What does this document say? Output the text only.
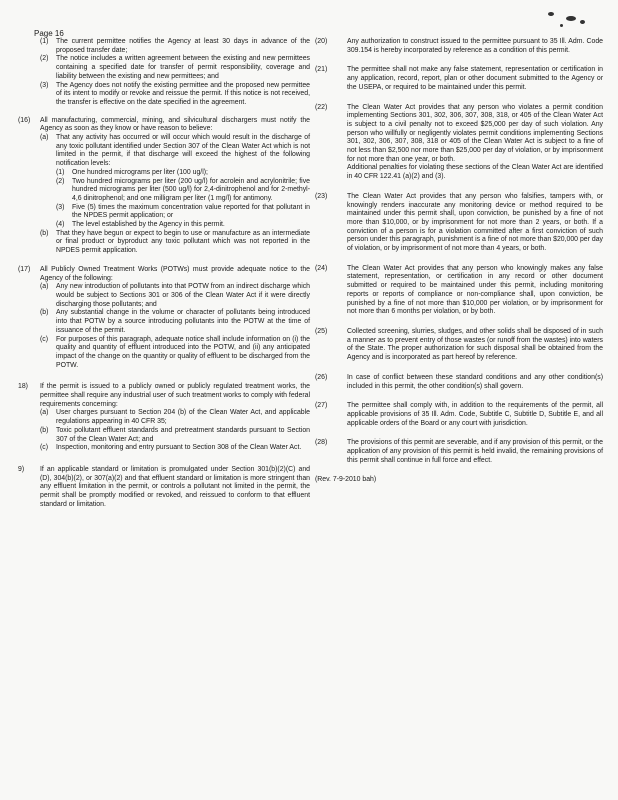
Page 16
(1)	The current permittee notifies the Agency at least 30 days in advance of the proposed transfer date;
(2)	The notice includes a written agreement between the existing and new permittees containing a specified date for transfer of permit responsibility, coverage and liability between the existing and new permittees; and
(3)	The Agency does not notify the existing permittee and the proposed new permittee of its intent to modify or revoke and reissue the permit. If this notice is not received, the transfer is effective on the date specified in the agreement.
(16)	All manufacturing, commercial, mining, and silvicultural dischargers must notify the Agency as soon as they know or have reason to believe:
(a)	That any activity has occurred or will occur which would result in the discharge of any toxic pollutant identified under Section 307 of the Clean Water Act which is not limited in the permit, if that discharge will exceed the highest of the following notification levels:
(1)	One hundred micrograms per liter (100 ug/l);
(2)	Two hundred micrograms per liter (200 ug/l) for acrolein and acrylonitrile; five hundred micrograms per liter (500 ug/l) for 2,4-dinitrophenol and for 2-methyl-4,6 dinitrophenol; and one milligram per liter (1 mg/l) for antimony.
(3)	Five (5) times the maximum concentration value reported for that pollutant in the NPDES permit application; or
(4)	The level established by the Agency in this permit.
(b)	That they have begun or expect to begin to use or manufacture as an intermediate or final product or byproduct any toxic pollutant which was not reported in the NPDES permit application.
(17)	All Publicly Owned Treatment Works (POTWs) must provide adequate notice to the Agency of the following:
(a)	Any new introduction of pollutants into that POTW from an indirect discharge which would be subject to Sections 301 or 306 of the Clean Water Act if it were directly discharging those pollutants; and
(b)	Any substantial change in the volume or character of pollutants being introduced into that POTW by a source introducing pollutants into the POTW at the time of issuance of the permit.
(c)	For purposes of this paragraph, adequate notice shall include information on (i) the quality and quantity of effluent introduced into the POTW, and (ii) any anticipated impact of the change on the quantity or quality of effluent to be discharged from the POTW.
18)	If the permit is issued to a publicly owned or publicly regulated treatment works, the permittee shall require any industrial user of such treatment works to comply with federal requirements concerning:
(a)	User charges pursuant to Section 204 (b) of the Clean Water Act, and applicable regulations appearing in 40 CFR 35;
(b)	Toxic pollutant effluent standards and pretreatment standards pursuant to Section 307 of the Clean Water Act; and
(c)	Inspection, monitoring and entry pursuant to Section 308 of the Clean Water Act.
9)	If an applicable standard or limitation is promulgated under Section 301(b)(2)(C) and (D), 304(b)(2), or 307(a)(2) and that effluent standard or limitation is more stringent than any effluent limitation in the permit, or controls a pollutant not limited in the permit, the permit shall be promptly modified or revoked, and reissued to conform to that effluent standard or limitation.
(20)	Any authorization to construct issued to the permittee pursuant to 35 Ill. Adm. Code 309.154 is hereby incorporated by reference as a condition of this permit.
(21)	The permittee shall not make any false statement, representation or certification in any application, record, report, plan or other document submitted to the Agency or the USEPA, or required to be maintained under this permit.
(22)	The Clean Water Act provides that any person who violates a permit condition implementing Sections 301, 302, 306, 307, 308, 318, or 405 of the Clean Water Act is subject to a civil penalty not to exceed $25,000 per day of such violation. Any person who willfully or negligently violates permit conditions implementing Sections 301, 302, 306, 307, 308, 318 or 405 of the Clean Water Act is subject to a fine of not less than $2,500 nor more than $25,000 per day of violation, or by imprisonment for not more than one year, or both.
Additional penalties for violating these sections of the Clean Water Act are identified in 40 CFR 122.41 (a)(2) and (3).
(23)	The Clean Water Act provides that any person who falsifies, tampers with, or knowingly renders inaccurate any monitoring device or method required to be maintained under this permit shall, upon conviction, be punished by a fine of not more than $10,000, or by imprisonment for not more than 2 years, or both. If a conviction of a person is for a violation committed after a first conviction of such person under this paragraph, punishment is a fine of not more than $20,000 per day of violation, or by imprisonment of not more than 4 years, or both.
(24)	The Clean Water Act provides that any person who knowingly makes any false statement, representation, or certification in any record or other document submitted or required to be maintained under this permit, including monitoring reports or reports of compliance or non-compliance shall, upon conviction, be punished by a fine of not more than $10,000 per violation, or by imprisonment for not more than 6 months per violation, or by both.
(25)	Collected screening, slurries, sludges, and other solids shall be disposed of in such a manner as to prevent entry of those wastes (or runoff from the wastes) into waters of the State. The proper authorization for such disposal shall be obtained from the Agency and is incorporated as part hereof by reference.
(26)	In case of conflict between these standard conditions and any other condition(s) included in this permit, the other condition(s) shall govern.
(27)	The permittee shall comply with, in addition to the requirements of the permit, all applicable provisions of 35 Ill. Adm. Code, Subtitle C, Subtitle D, Subtitle E, and all applicable orders of the Board or any court with jurisdiction.
(28)	The provisions of this permit are severable, and if any provision of this permit, or the application of any provision of this permit is held invalid, the remaining provisions of this permit shall continue in full force and effect.
(Rev. 7-9-2010 bah)
